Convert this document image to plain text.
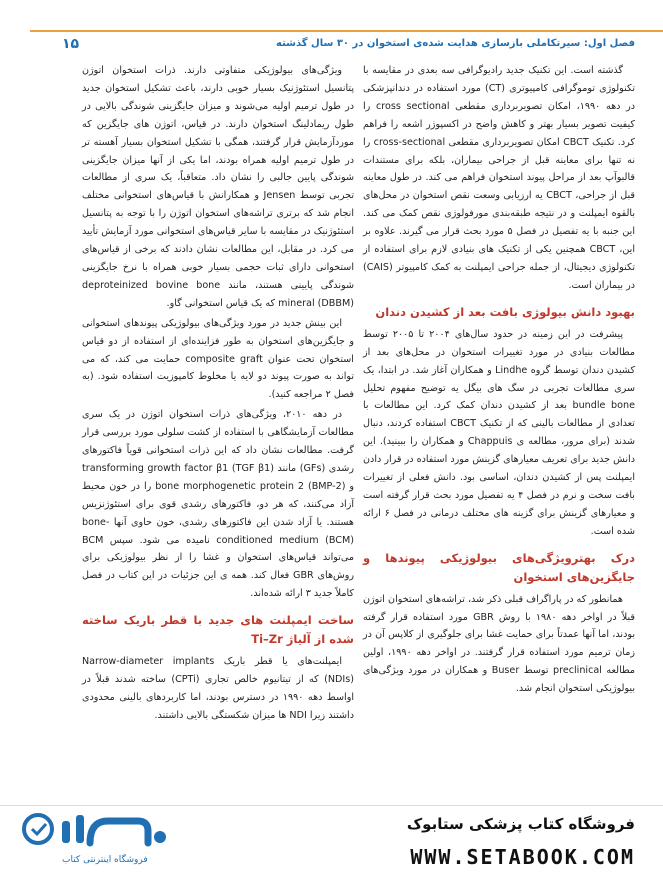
۱۵	فصل اول: سیرتکاملی بازسازی هدایت شده‌ی استخوان در ۳۰ سال گذشته

گذشته است. این تکنیک جدید رادیوگرافی سه بعدی در مقایسه با تکنولوژی توموگرافی کامپیوتری (CT) مورد استفاده در دندانپزشکی در دهه ۱۹۹۰، امکان تصویربرداری مقطعی cross sectional را کیفیت تصویر بسیار بهتر و کاهش واضح در اکسپوژر اشعه را فراهم کرد. تکنیک CBCT امکان تصویربرداری مقطعی cross-sectional را نه تنها برای معاینه قبل از جراحی بیماران، بلکه برای مستندات قالبوآپ بعد از مراحل پیوند استخوان فراهم می کند. در طول معاینه قبل از جراحی، CBCT یه ارزیابی وسعت نقص استخوان در محل‌های بالقوه ایمپلنت و در نتیجه طبقه‌بندی مورفولوژی نقص کمک می کند. این جنبه با یه تفصیل در فصل ۵ مورد بحث قرار می گیرند. علاوه بر این، CBCT همچنین یکی از تکنیک های بنیادی لازم برای استفاده از تکنولوژی دیجیتال، از جمله جراحی ایمپلنت به کمک کامپیوتر (CAIS) در بیماران است.

بهبود دانش بیولوژی بافت بعد از کشیدن دندان

پیشرفت در این زمینه در حدود سال‌های ۲۰۰۴ تا ۲۰۰۵ توسط مطالعات بنیادی در مورد تغییرات استخوان در محل‌های بعد از کشیدن دندان توسط گروه Lindhe و همکاران آغاز شد. در ابتدا، یک سری مطالعات تجربی در سگ های بیگل یه توضیح مفهوم تحلیل bundle bone بعد از کشیدن دندان کمک کرد. این مطالعات با تعدادی از مطالعات بالینی که از تکنیک CBCT استفاده کردند، دنبال شدند (برای مرور، مطالعه ی Chappuis و همکاران را ببینید). این دانش جدید برای تعریف معیارهای گزینش مورد استفاده در قرار دادن ایمپلنت پس از کشیدن دندان، اساسی بود. دانش فعلی از تغییرات بافت سخت و نرم در فصل ۴ یه تفصیل مورد بحث قرار گرفته است و معیارهای گزینش برای گزینه های مختلف درمانی در فصل ۶ ارائه شده است.

درک بهترویژگی‌های بیولوژیکی پیوندها و جایگزین‌های استخوان

همانطور که در پاراگراف قبلی ذکر شد، تراشه‌های استخوان اتوژن قبلاً در اواخر دهه ۱۹۸۰ با روش GBR مورد استفاده قرار گرفته بودند، اما آنها عمدتاً برای حمایت غشا برای جلوگیری از کلاپس آن در زمان ترمیم مورد استفاده قرار گرفتند. در اواخر دهه ۱۹۹۰، اولین مطالعه preclinical توسط Buser و همکاران در مورد ویژگی‌های بیولوژیکی استخوان انجام شد.

ویژگی‌های بیولوژیکی متفاوتی دارند. ذرات استخوان اتوژن پتانسیل استئوژنیک بسیار خوبی دارند، باعث تشکیل استخوان جدید در طول ترمیم اولیه می‌شوند و میزان جایگزینی شوندگی بالایی در طول ریمادلینگ استخوان دارند. در قیاس، اتوژن های جایگزین که موردآزمایش قرار گرفتند، همگی با تشکیل استخوان بسیار آهسته تر در طول ترمیم اولیه همراه بودند، اما یکی از آنها میزان جایگزینی شوندگی پایین جالبی را نشان داد. متعاقباً، یک سری از مطالعات تجربی توسط Jensen و همکارانش با قیاس‌های استخوانی مختلف انجام شد که برتری تراشه‌های استخوان اتوژن را با توجه به پتانسیل استئوژنیک در مقایسه با سایر قیاس‌های استخوانی مورد آزمایش تأیید می کرد. در مقابل، این مطالعات نشان دادند که برخی از قیاس‌های استخوانی دارای ثبات حجمی بسیار خوبی همراه با نرخ جایگزینی شوندگی پایینی هستند، مانند deproteinized bovine bone mineral (DBBM) که یک قیاس استخوانی گاو.

این بینش جدید در مورد ویژگی‌های بیولوژیکی پیوندهای استخوانی و جایگزین‌های استخوان به طور فزاینده‌ای از استفاده از دو قیاس استخوان تحت عنوان composite graft حمایت می کند، که می تواند به صورت پیوند دو لایه یا مخلوط کامپوزیت استفاده شود. (به فصل ۲ مراجعه کنید).

در دهه ۲۰۱۰، ویژگی‌های ذرات استخوان اتوژن در یک سری مطالعات آزمایشگاهی با استفاده از کشت سلولی مورد بررسی قرار گرفت. مطالعات نشان داد که این ذرات استخوانی قویاً فاکتورهای رشدی (GFs) مانند transforming growth factor β1 (TGF β1) و bone morphogenetic protein 2 (BMP-2) را در خون محیط آزاد می‌کنند، که هر دو، فاکتورهای رشدی قوی برای استئوژنزیس هستند. یا آزاد شدن این فاکتورهای رشدی، خون حاوی آنها bone-conditioned medium (BCM) نامیده می شود. سپس BCM می‌تواند قیاس‌های استخوان و غشا را از نظر بیولوژیکی برای روش‌های GBR فعال کند. همه ی این جزئیات در این کتاب در فصل کاملاً جدید ۳ ارائه شده‌اند.

ساخت ایمپلنت های جدید با قطر باریک ساخته شده از آلیاژ Ti–Zr

ایمپلنت‌های یا قطر باریک Narrow-diameter implants (NDIs) که از تیتانیوم خالص تجاری (CPTi) ساخته شدند قبلاً در اواسط دهه ۱۹۹۰ در دسترس بودند، اما کاربردهای بالینی محدودی داشتند زیرا NDI ها میزان شکستگی بالایی داشتند.

فروشگاه اینترنتی کتاب
فروشگاه کتاب پزشکی ستابوک
WWW.SETABOOK.COM
